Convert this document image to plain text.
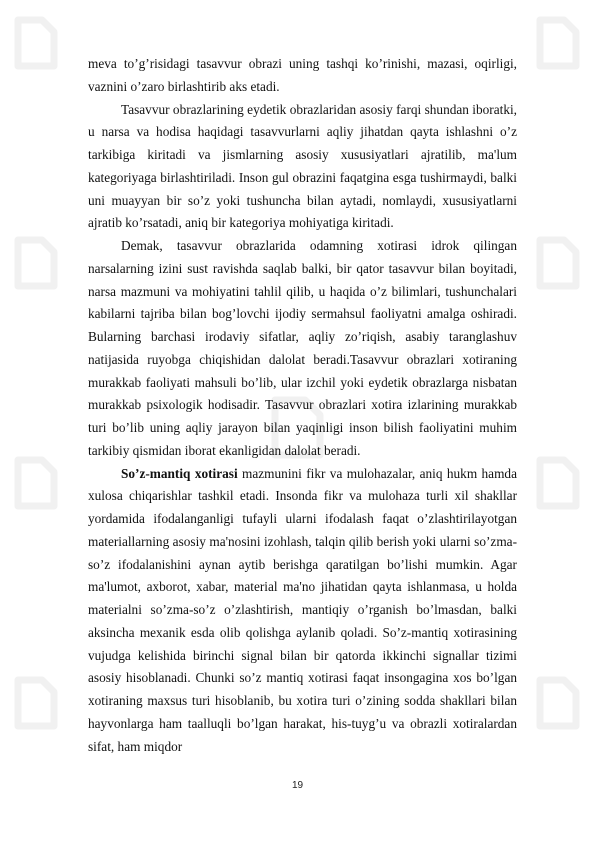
meva to’g’risidagi tasavvur obrazi uning tashqi ko’rinishi, mazasi, oqirligi, vaznini o’zaro birlashtirib aks etadi.

Tasavvur obrazlarining eydetik obrazlaridan asosiy farqi shundan iboratki, u narsa va hodisa haqidagi tasavvurlarni aqliy jihatdan qayta ishlashni o’z tarkibiga kiritadi va jismlarning asosiy xususiyatlari ajratilib, ma'lum kategoriyaga birlashtiriladi. Inson gul obrazini faqatgina esga tushirmaydi, balki uni muayyan bir so’z yoki tushuncha bilan aytadi, nomlaydi, xususiyatlarni ajratib ko’rsatadi, aniq bir kategoriya mohiyatiga kiritadi.

Demak, tasavvur obrazlarida odamning xotirasi idrok qilingan narsalarning izini sust ravishda saqlab balki, bir qator tasavvur bilan boyitadi, narsa mazmuni va mohiyatini tahlil qilib, u haqida o’z bilimlari, tushunchalari kabilarni tajriba bilan bog’lovchi ijodiy sermahsul faoliyatni amalga oshiradi. Bularning barchasi irodaviy sifatlar, aqliy zo’riqish, asabiy taranglashuv natijasida ruyobga chiqishidan dalolat beradi.Tasavvur obrazlari xotiraning murakkab faoliyati mahsuli bo’lib, ular izchil yoki eydetik obrazlarga nisbatan murakkab psixologik hodisadir. Tasavvur obrazlari xotira izlarining murakkab turi bo’lib uning aqliy jarayon bilan yaqinligi inson bilish faoliyatini muhim tarkibiy qismidan iborat ekanligidan dalolat beradi.

So’z-mantiq xotirasi mazmunini fikr va mulohazalar, aniq hukm hamda xulosa chiqarishlar tashkil etadi. Insonda fikr va mulohaza turli xil shakllar yordamida ifodalanganligi tufayli ularni ifodalash faqat o’zlashtirilayotgan materiallarning asosiy ma'nosini izohlash, talqin qilib berish yoki ularni so’zma-so’z ifodalanishini aynan aytib berishga qaratilgan bo’lishi mumkin. Agar ma'lumot, axborot, xabar, material ma'no jihatidan qayta ishlanmasa, u holda materialni so’zma-so’z o’zlashtirish, mantiqiy o’rganish bo’lmasdan, balki aksincha mexanik esda olib qolishga aylanib qoladi. So’z-mantiq xotirasining vujudga kelishida birinchi signal bilan bir qatorda ikkinchi signallar tizimi asosiy hisoblanadi. Chunki so’z mantiq xotirasi faqat insongagina xos bo’lgan xotiraning maxsus turi hisoblanib, bu xotira turi o’zining sodda shakllari bilan hayvonlarga ham taalluqli bo’lgan harakat, his-tuyg’u va obrazli xotiralardan sifat, ham miqdor

19
